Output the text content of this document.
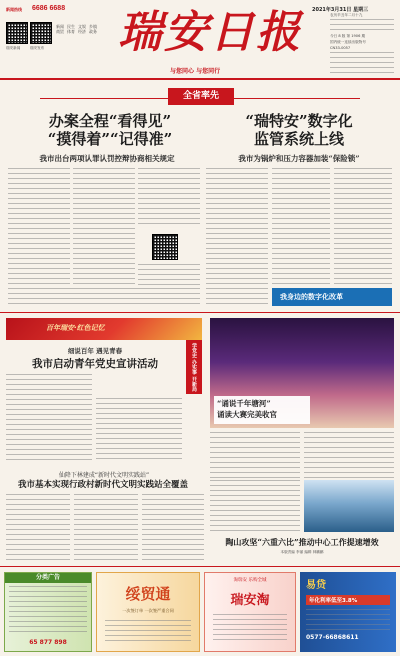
新闻热线	6686 6688
瑞安新闻	瑞安发布
新闻 民生 文娱 乡镇
商贸 体育 经济 政务 瑞安日报
与您同心 与您同行
2021年3月31日 星期三
农历辛丑年二月十九
今日 8 版 第 1906 期
国内统一连续出版物号
CN33-0057
全省率先
办案全程“看得见”
“摸得着”“记得准”
我市出台两项认罪认罚控辩协商相关规定
“瑞特安”数字化
监管系统上线
我市为锅炉和压力容器加装“保险锁”
我身边的数字化改革
百年瑞安·红色记忆
学党史 办实事 开新局
细说百年 遇见青春
我市启动青年党史宣讲活动
仙降下林建成“新时代文明实践站”
我市基本实现行政村新时代文明实践站全覆盖
“诵说千年塘河”
诵读大赛完美收官
陶山攻坚“六重六比”推动中心工作提速增效
本版责编 李丽 编辑 林鹏鹏
分类广告
65 877 898
绥贸通
一次签订单 一次签严重合同
淘瑞安 乐购全城
瑞安淘
易贷
年化利率低至3.8%
0577-66868611
